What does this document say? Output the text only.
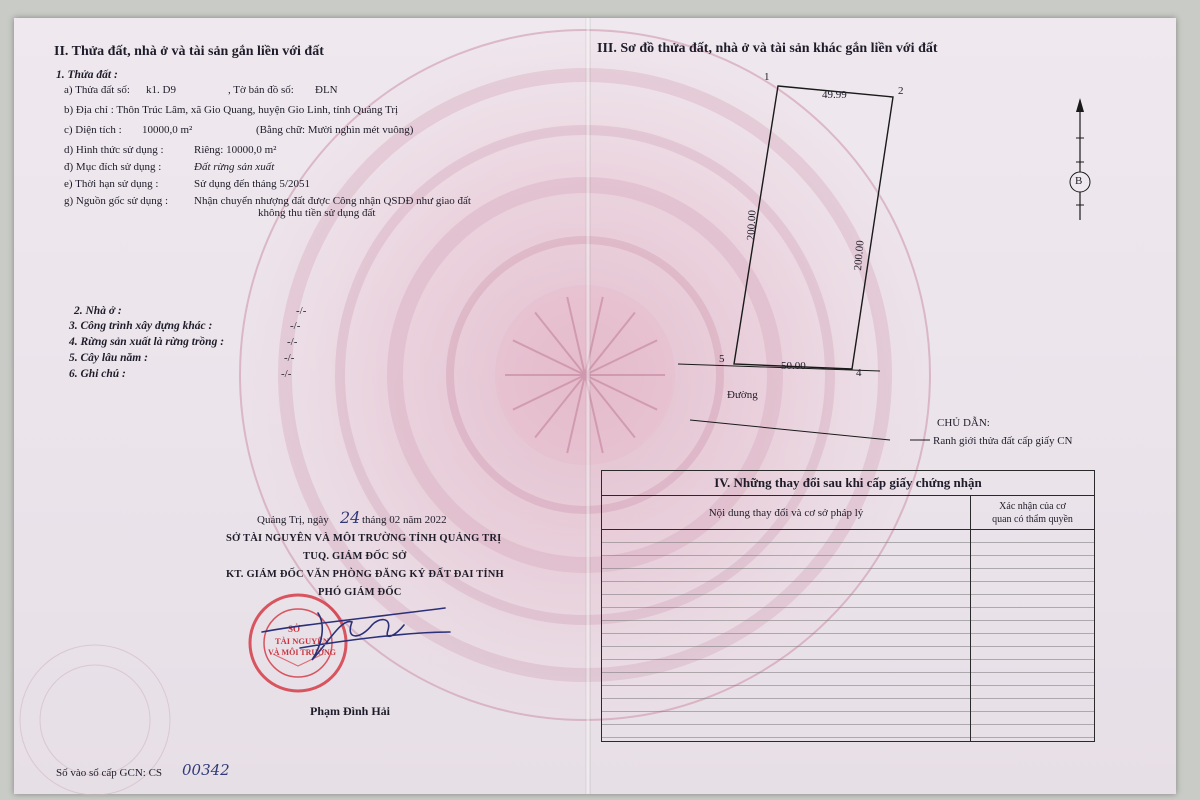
II. Thửa đất, nhà ở và tài sản gắn liền với đất
1. Thửa đất :
a) Thửa đất số: k1. D9	, Tờ bản đồ số: ĐLN
b) Địa chỉ : Thôn Trúc Lâm, xã Gio Quang, huyện Gio Linh, tỉnh Quảng Trị
c) Diện tích : 10000,0 m²	(Bằng chữ: Mười nghìn mét vuông)
d) Hình thức sử dụng :	Riêng: 10000,0 m²
đ) Mục đích sử dụng :	Đất rừng sản xuất
e) Thời hạn sử dụng :	Sử dụng đến tháng 5/2051
g) Nguồn gốc sử dụng : Nhận chuyển nhượng đất được Công nhận QSDĐ như giao đất
không thu tiền sử dụng đất
2. Nhà ở :	-/-
3. Công trình xây dựng khác :	-/-
4. Rừng sản xuất là rừng trồng :	-/-
5. Cây lâu năm :	-/-
6. Ghi chú :	-/-
Quảng Trị, ngày 24 tháng 02 năm 2022
SỞ TÀI NGUYÊN VÀ MÔI TRƯỜNG TỈNH QUẢNG TRỊ
TUQ. GIÁM ĐỐC SỞ
KT. GIÁM ĐỐC VĂN PHÒNG ĐĂNG KÝ ĐẤT ĐAI TỈNH
PHÓ GIÁM ĐỐC
SỞ
TÀI NGUYÊN
VÀ MÔI TRƯỜNG
Phạm Đình Hải
Số vào sổ cấp GCN: CS 00342
III. Sơ đồ thửa đất, nhà ở và tài sản khác gắn liền với đất
1
2
4
5
49.99
200.00
200.00
50.00
Đường
B
CHỦ DẪN:
Ranh giới thửa đất cấp giấy CN
IV. Những thay đổi sau khi cấp giấy chứng nhận	
Nội dung thay đổi và cơ sở pháp lý	Xác nhận của cơ
quan có thẩm quyền
